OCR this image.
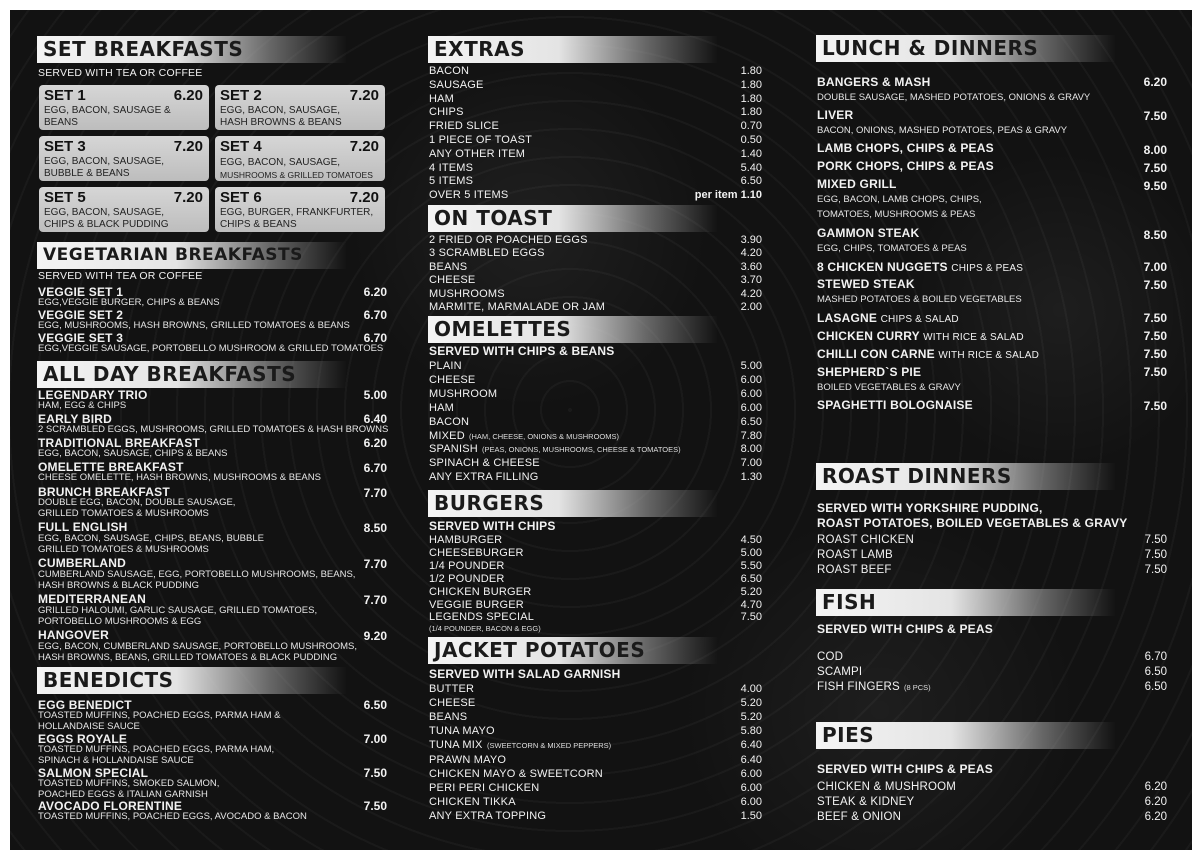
SET BREAKFASTS
SERVED WITH TEA OR COFFEE
SET 1	6.20
EGG, BACON, SAUSAGE &
BEANS
SET 2	7.20
EGG, BACON, SAUSAGE,
HASH BROWNS & BEANS
SET 3	7.20
EGG, BACON, SAUSAGE,
BUBBLE & BEANS
SET 4	7.20
EGG, BACON, SAUSAGE,
MUSHROOMS & GRILLED TOMATOES
SET 5	7.20
EGG, BACON, SAUSAGE,
CHIPS & BLACK PUDDING
SET 6	7.20
EGG, BURGER, FRANKFURTER,
CHIPS & BEANS
VEGETARIAN BREAKFASTS
SERVED WITH TEA OR COFFEE
VEGGIE SET 1	6.20
EGG,VEGGIE BURGER, CHIPS & BEANS
VEGGIE SET 2	6.70
EGG, MUSHROOMS, HASH BROWNS, GRILLED TOMATOES & BEANS
VEGGIE SET 3	6.70
EGG,VEGGIE SAUSAGE, PORTOBELLO MUSHROOM & GRILLED TOMATOES
ALL DAY BREAKFASTS
LEGENDARY TRIO	5.00
HAM, EGG & CHIPS
EARLY BIRD	6.40
2 SCRAMBLED EGGS, MUSHROOMS, GRILLED TOMATOES & HASH BROWNS
TRADITIONAL BREAKFAST	6.20
EGG, BACON, SAUSAGE, CHIPS & BEANS
OMELETTE BREAKFAST	6.70
CHEESE OMELETTE, HASH BROWNS, MUSHROOMS & BEANS
BRUNCH BREAKFAST	7.70
DOUBLE EGG, BACON, DOUBLE SAUSAGE,
GRILLED TOMATOES & MUSHROOMS
FULL ENGLISH	8.50
EGG, BACON, SAUSAGE, CHIPS, BEANS, BUBBLE
GRILLED TOMATOES & MUSHROOMS
CUMBERLAND	7.70
CUMBERLAND SAUSAGE, EGG, PORTOBELLO MUSHROOMS, BEANS,
HASH BROWNS & BLACK PUDDING
MEDITERRANEAN	7.70
GRILLED HALOUMI, GARLIC SAUSAGE, GRILLED TOMATOES,
PORTOBELLO MUSHROOMS & EGG
HANGOVER	9.20
EGG, BACON, CUMBERLAND SAUSAGE, PORTOBELLO MUSHROOMS,
HASH BROWNS, BEANS, GRILLED TOMATOES & BLACK PUDDING
BENEDICTS
EGG BENEDICT	6.50
TOASTED MUFFINS, POACHED EGGS, PARMA HAM &
HOLLANDAISE SAUCE
EGGS ROYALE	7.00
TOASTED MUFFINS, POACHED EGGS, PARMA HAM,
SPINACH & HOLLANDAISE SAUCE
SALMON SPECIAL	7.50
TOASTED MUFFINS, SMOKED SALMON,
POACHED EGGS & ITALIAN GARNISH
AVOCADO FLORENTINE	7.50
TOASTED MUFFINS, POACHED EGGS, AVOCADO & BACON
EXTRAS
BACON	1.80
SAUSAGE	1.80
HAM	1.80
CHIPS	1.80
FRIED SLICE	0.70
1 PIECE OF TOAST	0.50
ANY OTHER ITEM	1.40
4 ITEMS	5.40
5 ITEMS	6.50
OVER 5 ITEMS	per item 1.10
ON TOAST
2 FRIED OR POACHED EGGS	3.90
3 SCRAMBLED EGGS	4.20
BEANS	3.60
CHEESE	3.70
MUSHROOMS	4.20
MARMITE, MARMALADE OR JAM	2.00
OMELETTES
SERVED WITH CHIPS & BEANS
PLAIN	5.00
CHEESE	6.00
MUSHROOM	6.00
HAM	6.00
BACON	6.50
MIXED (HAM, CHEESE, ONIONS & MUSHROOMS)	7.80
SPANISH (PEAS, ONIONS, MUSHROOMS, CHEESE & TOMATOES)	8.00
SPINACH & CHEESE	7.00
ANY EXTRA FILLING	1.30
BURGERS
SERVED WITH CHIPS
HAMBURGER	4.50
CHEESEBURGER	5.00
1/4 POUNDER	5.50
1/2 POUNDER	6.50
CHICKEN BURGER	5.20
VEGGIE BURGER	4.70
LEGENDS SPECIAL	7.50
(1/4 POUNDER, BACON & EGG)
JACKET POTATOES
SERVED WITH SALAD GARNISH
BUTTER	4.00
CHEESE	5.20
BEANS	5.20
TUNA MAYO	5.80
TUNA MIX (SWEETCORN & MIXED PEPPERS)	6.40
PRAWN MAYO	6.40
CHICKEN MAYO & SWEETCORN	6.00
PERI PERI CHICKEN	6.00
CHICKEN TIKKA	6.00
ANY EXTRA TOPPING	1.50
LUNCH & DINNERS
BANGERS & MASH	6.20
DOUBLE SAUSAGE, MASHED POTATOES, ONIONS & GRAVY
LIVER	7.50
BACON, ONIONS, MASHED POTATOES, PEAS & GRAVY
LAMB CHOPS, CHIPS & PEAS	8.00
PORK CHOPS, CHIPS & PEAS	7.50
MIXED GRILL	9.50
EGG, BACON, LAMB CHOPS, CHIPS,
TOMATOES, MUSHROOMS & PEAS
GAMMON STEAK	8.50
EGG, CHIPS, TOMATOES & PEAS
8 CHICKEN NUGGETS CHIPS & PEAS	7.00
STEWED STEAK	7.50
MASHED POTATOES & BOILED VEGETABLES
LASAGNE CHIPS & SALAD	7.50
CHICKEN CURRY WITH RICE & SALAD	7.50
CHILLI CON CARNE WITH RICE & SALAD	7.50
SHEPHERD`S PIE	7.50
BOILED VEGETABLES & GRAVY
SPAGHETTI BOLOGNAISE	7.50
ROAST DINNERS
SERVED WITH YORKSHIRE PUDDING,
ROAST POTATOES, BOILED VEGETABLES & GRAVY
ROAST CHICKEN	7.50
ROAST LAMB	7.50
ROAST BEEF	7.50
FISH
SERVED WITH CHIPS & PEAS
COD	6.70
SCAMPI	6.50
FISH FINGERS (8 PCS)	6.50
PIES
SERVED WITH CHIPS & PEAS
CHICKEN & MUSHROOM	6.20
STEAK & KIDNEY	6.20
BEEF & ONION	6.20
